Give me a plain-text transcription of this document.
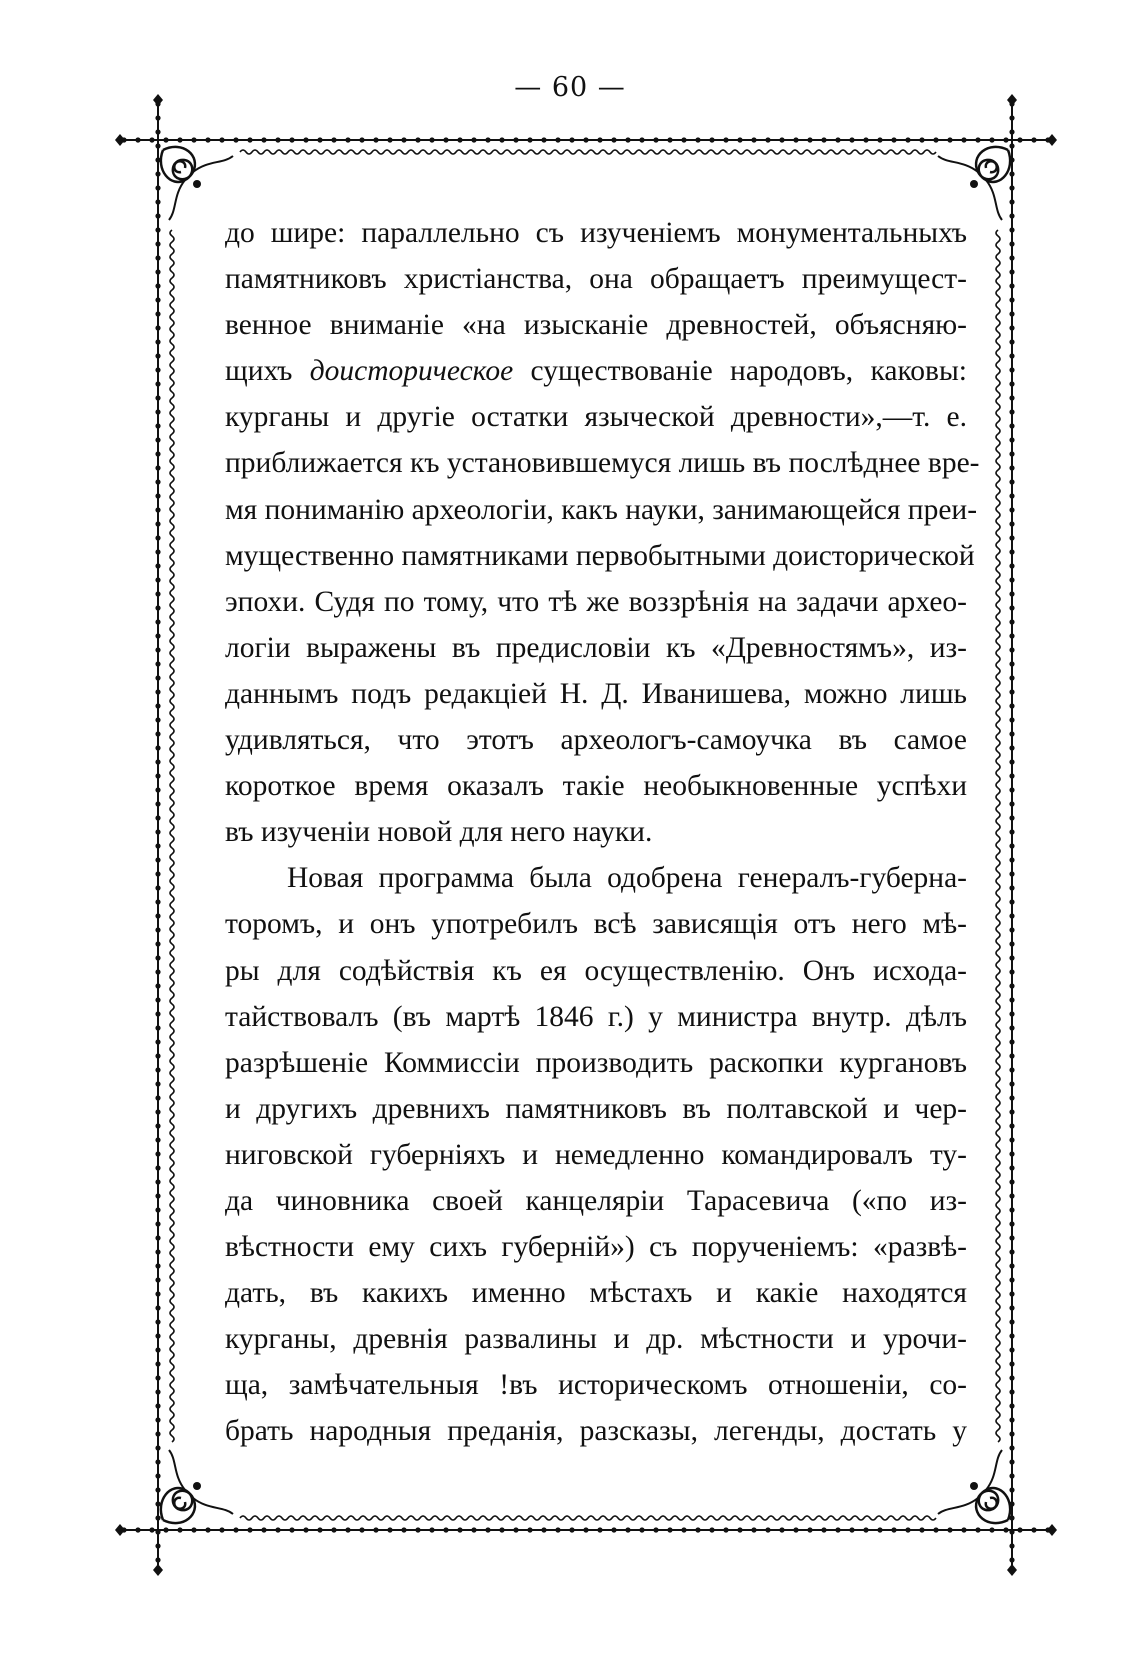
— 60 —
до шире: параллельно съ изученіемъ монументальныхъ
памятниковъ христіанства, она обращаетъ преимущест-
венное вниманіе «на изысканіе древностей, объясняю-
щихъ доисторическое существованіе народовъ, каковы:
курганы и другіе остатки языческой древности»,—т. е.
приближается къ установившемуся лишь въ послѣднее вре-
мя пониманію археологіи, какъ науки, занимающейся преи-
мущественно памятниками первобытными доисторической
эпохи. Судя по тому, что тѣ же воззрѣнія на задачи архео-
логіи выражены въ предисловіи къ «Древностямъ», из-
даннымъ подъ редакціей Н. Д. Иванишева, можно лишь
удивляться, что этотъ археологъ-самоучка въ самое
короткое время оказалъ такіе необыкновенные успѣхи
въ изученіи новой для него науки.
Новая программа была одобрена генералъ-губерна-
торомъ, и онъ употребилъ всѣ зависящія отъ него мѣ-
ры для содѣйствія къ ея осуществленію. Онъ исхода-
тайствовалъ (въ мартѣ 1846 г.) у министра внутр. дѣлъ
разрѣшеніе Коммиссіи производить раскопки кургановъ
и другихъ древнихъ памятниковъ въ полтавской и чер-
ниговской губерніяхъ и немедленно командировалъ ту-
да чиновника своей канцеляріи Тарасевича («по из-
вѣстности ему сихъ губерній») съ порученіемъ: «развѣ-
дать, въ какихъ именно мѣстахъ и какіе находятся
курганы, древнія развалины и др. мѣстности и урочи-
ща, замѣчательныя !въ историческомъ отношеніи, со-
брать народныя преданія, разсказы, легенды, достать у
